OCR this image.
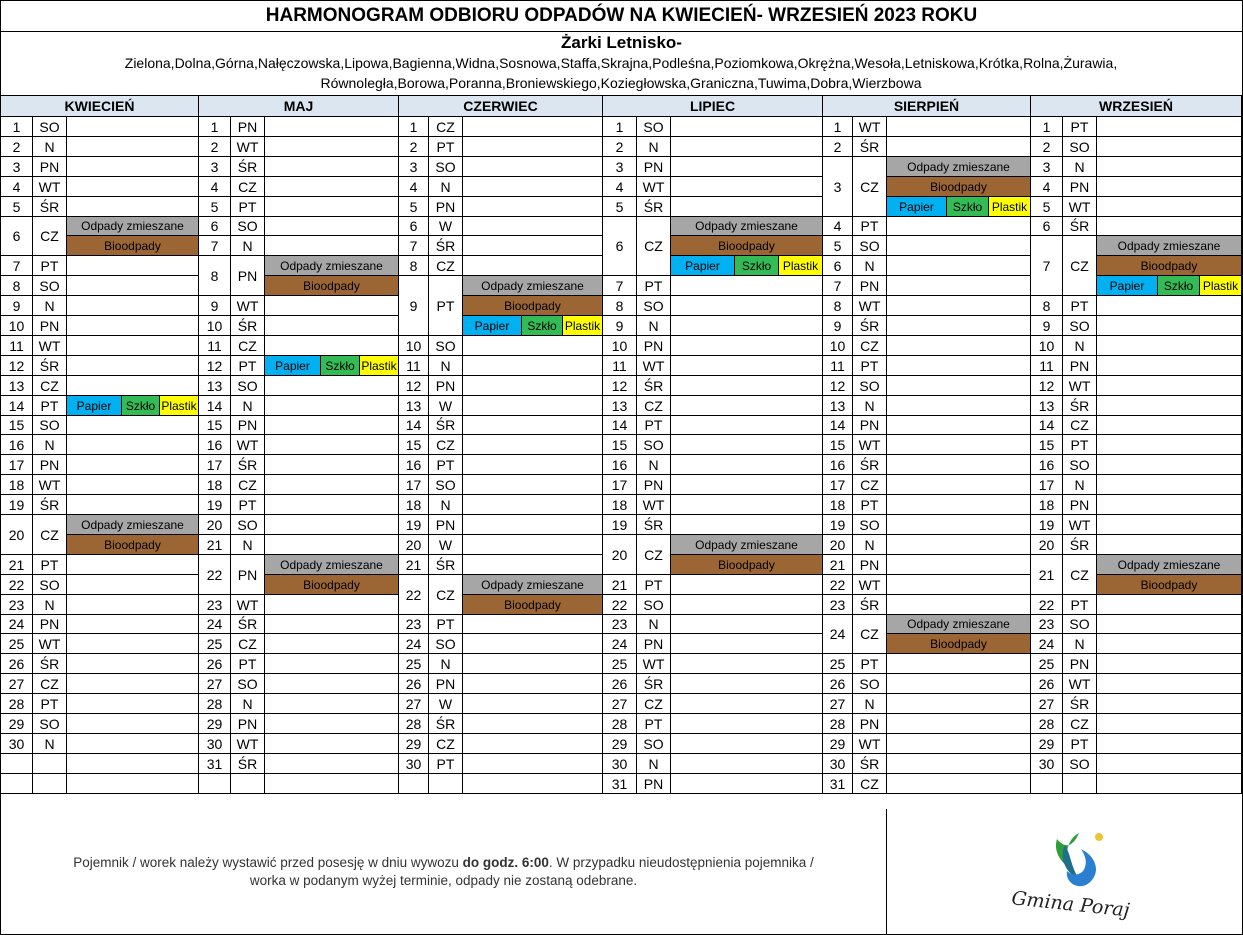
HARMONOGRAM ODBIORU ODPADÓW NA KWIECIEŃ- WRZESIEŃ 2023 ROKU
Żarki Letnisko-
Zielona,Dolna,Górna,Nałęczowska,Lipowa,Bagienna,Widna,Sosnowa,Staffa,Skrajna,Podleśna,Poziomkowa,Okrężna,Wesoła,Letniskowa,Krótka,Rolna,Żurawia,
Równoległa,Borowa,Poranna,Broniewskiego,Koziegłowska,Graniczna,Tuwima,Dobra,Wierzbowa
KWIECIEŃ
1	SO
2	N
3	PN
4	WT
5	ŚR
6	CZ
Odpady zmieszane
Bioodpady
7	PT
8	SO
9	N
10	PN
11	WT
12	ŚR
13	CZ
14	PT	Papier	Szkło Plastik
15	SO
16	N
17	PN
18	WT
19	ŚR
20	CZ
Odpady zmieszane
Bioodpady
21	PT
22	SO
23	N
24	PN
25	WT
26	ŚR
27	CZ
28	PT
29	SO
30	N
MAJ
1	PN
2	WT
3	ŚR
4	CZ
5	PT
6	SO
7	N
8	PN
Odpady zmieszane
Bioodpady
9	WT
10	ŚR
11	CZ
12	PT	Papier	Szkło Plastik
13	SO
14	N
15	PN
16	WT
17	ŚR
18	CZ
19	PT
20	SO
21	N
22	PN
Odpady zmieszane
Bioodpady
23	WT
24	ŚR
25	CZ
26	PT
27	SO
28	N
29	PN
30	WT
31	ŚR
CZERWIEC
1	CZ
2	PT
3	SO
4	N
5	PN
6	W
7	ŚR
8	CZ
9	PT
Odpady zmieszane
Bioodpady
Papier	Szkło Plastik
10	SO
11	N
12	PN
13	W
14	ŚR
15	CZ
16	PT
17	SO
18	N
19	PN
20	W
21	ŚR
22	CZ
Odpady zmieszane
Bioodpady
23	PT
24	SO
25	N
26	PN
27	W
28	ŚR
29	CZ
30	PT
LIPIEC
1	SO
2	N
3	PN
4	WT
5	ŚR
6	CZ
Odpady zmieszane
Bioodpady
Papier	Szkło Plastik
7	PT
8	SO
9	N
10	PN
11	WT
12	ŚR
13	CZ
14	PT
15	SO
16	N
17	PN
18	WT
19	ŚR
20	CZ
Odpady zmieszane
Bioodpady
21	PT
22	SO
23	N
24	PN
25	WT
26	ŚR
27	CZ
28	PT
29	SO
30	N
31	PN
SIERPIEŃ
1	WT
2	ŚR
3	CZ
Odpady zmieszane
Bioodpady
Papier	Szkło Plastik
4	PT
5	SO
6	N
7	PN
8	WT
9	ŚR
10	CZ
11	PT
12	SO
13	N
14	PN
15 WT
16	ŚR
17	CZ
18	PT
19	SO
20	N
21	PN
22 WT
23	ŚR
24	CZ
Odpady zmieszane
Bioodpady
25	PT
26	SO
27	N
28	PN
29 WT
30	ŚR
31	CZ
WRZESIEŃ
1	PT
2	SO
3	N
4	PN
5	WT
6	ŚR
7	CZ
Odpady zmieszane
Bioodpady
Papier	Szkło Plastik
8	PT
9	SO
10	N
11	PN
12	WT
13	ŚR
14	CZ
15	PT
16	SO
17	N
18	PN
19	WT
20	ŚR
21	CZ
Odpady zmieszane
Bioodpady
22	PT
23	SO
24	N
25	PN
26	WT
27	ŚR
28	CZ
29	PT
30	SO
Pojemnik / worek należy wystawić przed posesję w dniu wywozu do godz. 6:00. W przypadku nieudostępnienia pojemnika /
worka w podanym wyżej terminie, odpady nie zostaną odebrane.
Gmina Poraj
